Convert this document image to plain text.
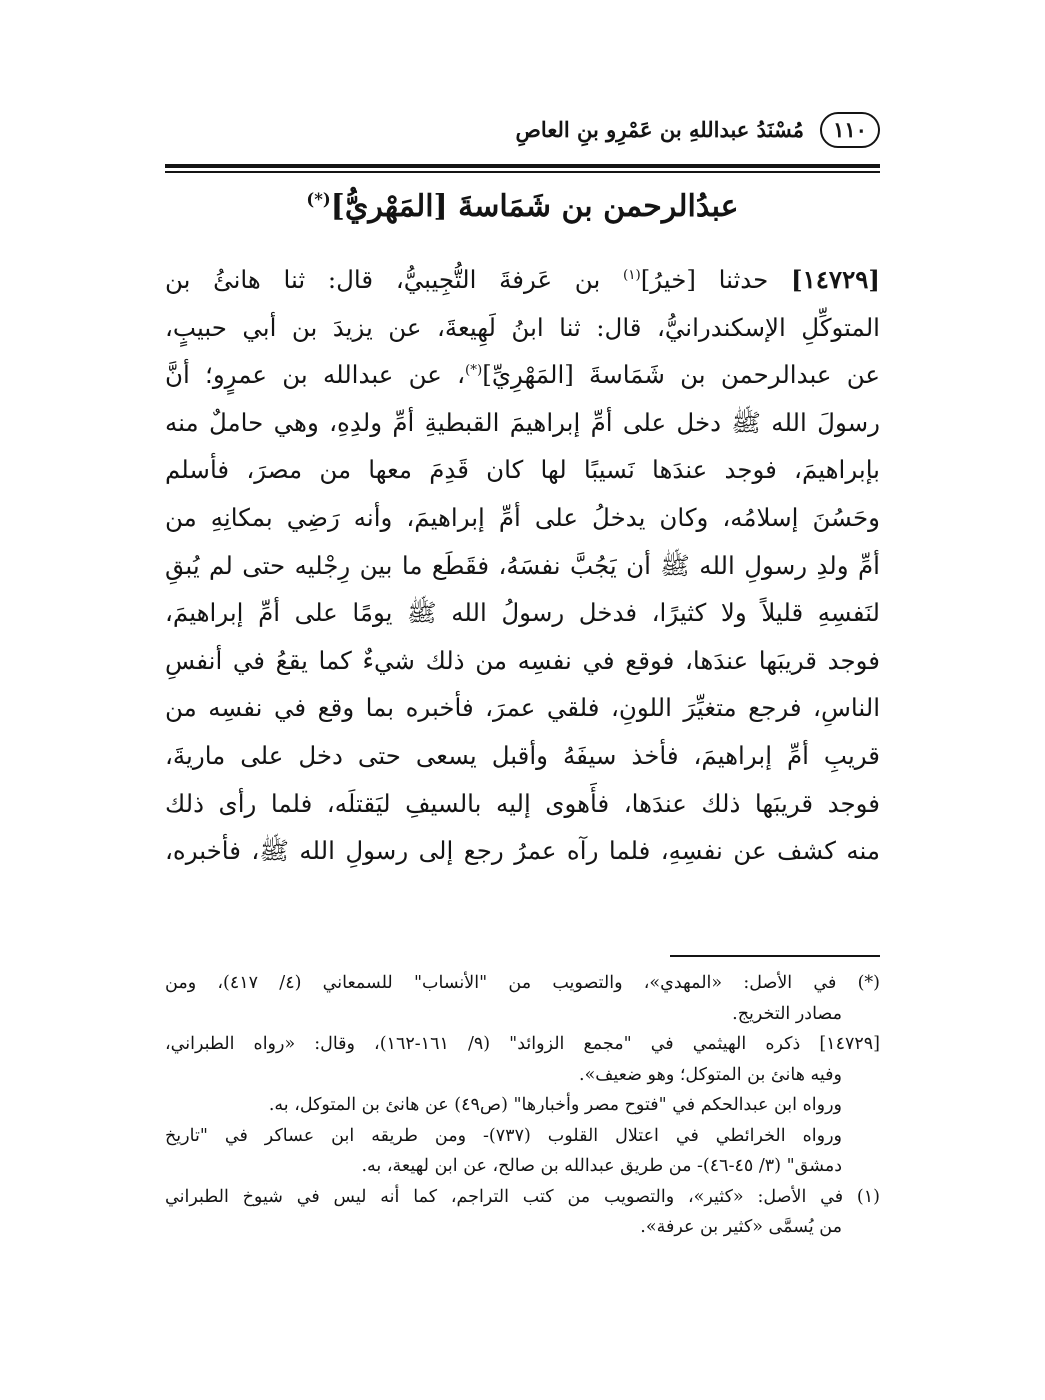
١١٠
مُسْنَدُ عبداللهِ بن عَمْرِو بنِ العاصِ
عبدُالرحمن بن شَمَاسةَ [المَهْريُّ](*)
[١٤٧٢٩] حدثنا [خيرُ]$^{(١)}$ بن عَرفةَ التُّجِيبيُّ، قال: ثنا هانئُ بن
المتوكِّلِ الإسكندرانيُّ، قال: ثنا ابنُ لَهِيعةَ، عن يزيدَ بن أبي حبيبٍ،
عن عبدالرحمن بن شَمَاسةَ [المَهْرِيِّ](*)، عن عبدالله بن عمرٍو؛ أنَّ
رسولَ الله ﷺ دخل على أمِّ إبراهيمَ القبطيةِ أمِّ ولدِهِ، وهي حاملٌ منه
بإبراهيمَ، فوجد عندَها نَسيبًا لها كان قَدِمَ معها من مصرَ، فأسلم
وحَسُنَ إسلامُه، وكان يدخلُ على أمِّ إبراهيمَ، وأنه رَضِي بمكانِهِ من
أمِّ ولدِ رسولِ الله ﷺ أن يَجُبَّ نفسَهُ، فقَطَع ما بين رِجْليه حتى لم يُبقِ
لنَفسِهِ قليلاً ولا كثيرًا، فدخل رسولُ الله ﷺ يومًا على أمِّ إبراهيمَ،
فوجد قريبَها عندَها، فوقع في نفسِه من ذلك شيءٌ كما يقعُ في أنفسِ
الناسِ، فرجع متغيِّرَ اللونِ، فلقي عمرَ، فأخبره بما وقع في نفسِه من
قريبِ أمِّ إبراهيمَ، فأخذ سيفَهُ وأقبل يسعى حتى دخل على ماريةَ،
فوجد قريبَها ذلك عندَها، فأَهوى إليه بالسيفِ ليَقتلَه، فلما رأى ذلك
منه كشف عن نفسِهِ، فلما رآه عمرُ رجع إلى رسولِ الله ﷺ، فأخبره،
(*) في الأصل: «المهدي»، والتصويب من "الأنساب" للسمعاني (٤/ ٤١٧)، ومن
مصادر التخريج.
[١٤٧٢٩] ذكره الهيثمي في "مجمع الزوائد" (٩/ ١٦١-١٦٢)، وقال: «رواه الطبراني،
وفيه هانئ بن المتوكل؛ وهو ضعيف».
ورواه ابن عبدالحكم في "فتوح مصر وأخبارها" (ص٤٩) عن هانئ بن المتوكل، به.
ورواه الخرائطي في اعتلال القلوب (٧٣٧)- ومن طريقه ابن عساكر في "تاريخ
دمشق" (٣/ ٤٥-٤٦)- من طريق عبدالله بن صالح، عن ابن لهيعة، به.
(١) في الأصل: «كثير»، والتصويب من كتب التراجم، كما أنه ليس في شيوخ الطبراني
من يُسمَّى «كثير بن عرفة».
